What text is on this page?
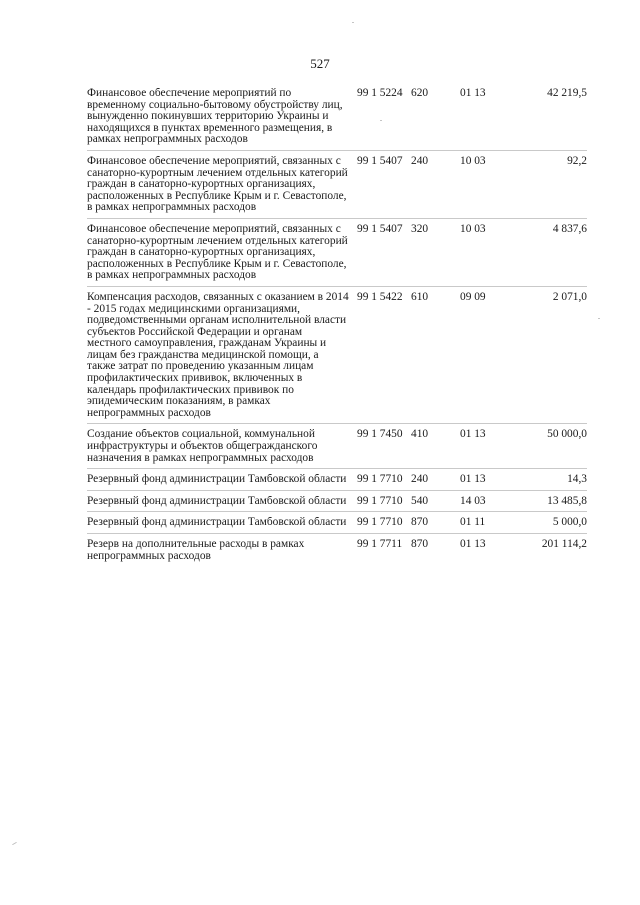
527
Финансовое обеспечение мероприятий по временному социально-бытовому обустройству лиц, вынужденно покинувших территорию Украины и находящихся в пунктах временного размещения, в рамках непрограммных расходов
99 1 5224 620	01 13	42 219,5
Финансовое обеспечение мероприятий, связанных с санаторно-курортным лечением отдельных категорий граждан в санаторно-курортных организациях, расположенных в Республике Крым и г. Севастополе, в рамках непрограммных расходов
99 1 5407 240	10 03	92,2
Финансовое обеспечение мероприятий, связанных с санаторно-курортным лечением отдельных категорий граждан в санаторно-курортных организациях, расположенных в Республике Крым и г. Севастополе, в рамках непрограммных расходов
99 1 5407 320	10 03	4 837,6
Компенсация расходов, связанных с оказанием в 2014 - 2015 годах медицинскими организациями, подведомственными органам исполнительной власти субъектов Российской Федерации и органам местного самоуправления, гражданам Украины и лицам без гражданства медицинской помощи, а также затрат по проведению указанным лицам профилактических прививок, включенных в календарь профилактических прививок по эпидемическим показаниям, в рамках непрограммных расходов
99 1 5422 610	09 09	2 071,0
Создание объектов социальной, коммунальной инфраструктуры и объектов общегражданского назначения в рамках непрограммных расходов
99 1 7450 410	01 13	50 000,0
Резервный фонд администрации Тамбовской области 99 1 7710 240	01 13	14,3
Резервный фонд администрации Тамбовской области 99 1 7710 540	14 03	13 485,8
Резервный фонд администрации Тамбовской области 99 1 7710 870	01 11	5 000,0
Резерв на дополнительные расходы в рамках непрограммных расходов
99 1 7711 870	01 13	201 114,2
